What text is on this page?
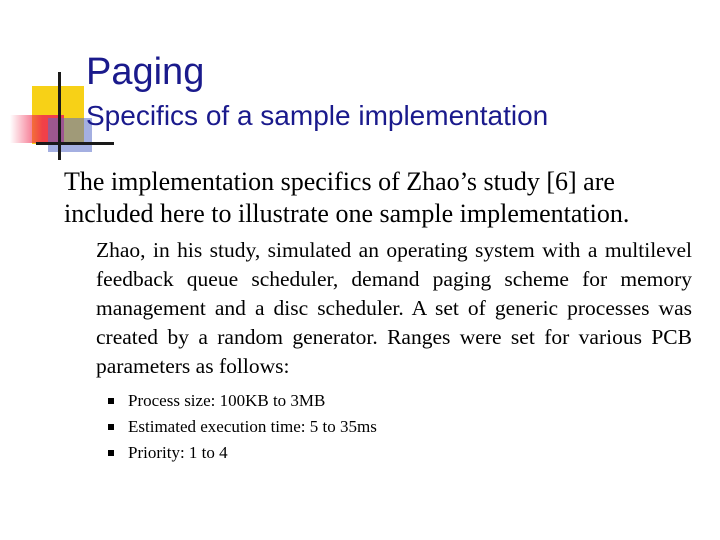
Paging
Specifics of a sample implementation
The implementation specifics of Zhao’s study [6] are included here to illustrate one sample implementation.
Zhao, in his study, simulated an operating system with a multilevel feedback queue scheduler, demand paging scheme for memory management and a disc scheduler. A set of generic processes was created by a random generator. Ranges were set for various PCB parameters as follows:
Process size: 100KB to 3MB
Estimated execution time: 5 to 35ms
Priority: 1 to 4
